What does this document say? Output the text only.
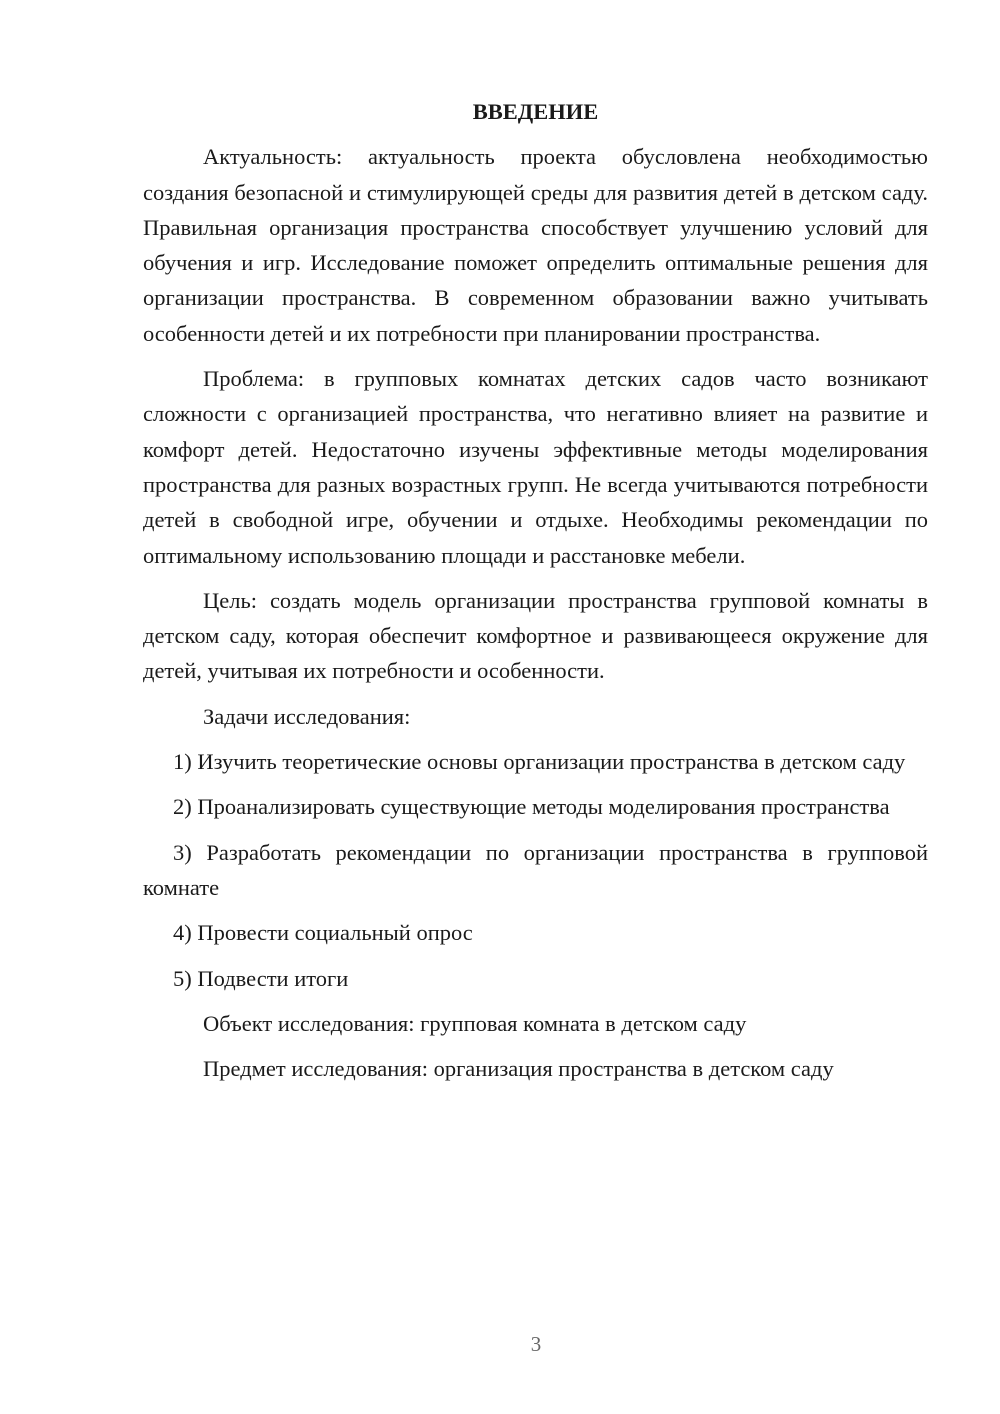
ВВЕДЕНИЕ

Актуальность: актуальность проекта обусловлена необходимостью создания безопасной и стимулирующей среды для развития детей в детском саду. Правильная организация пространства способствует улучшению условий для обучения и игр. Исследование поможет определить оптимальные решения для организации пространства. В современном образовании важно учитывать особенности детей и их потребности при планировании пространства.

Проблема: в групповых комнатах детских садов часто возникают сложности с организацией пространства, что негативно влияет на развитие и комфорт детей. Недостаточно изучены эффективные методы моделирования пространства для разных возрастных групп. Не всегда учитываются потребности детей в свободной игре, обучении и отдыхе. Необходимы рекомендации по оптимальному использованию площади и расстановке мебели.

Цель: создать модель организации пространства групповой комнаты в детском саду, которая обеспечит комфортное и развивающееся окружение для детей, учитывая их потребности и особенности.

Задачи исследования:

1) Изучить теоретические основы организации пространства в детском саду

2) Проанализировать существующие методы моделирования пространства

3) Разработать рекомендации по организации пространства в групповой комнате

4) Провести социальный опрос

5) Подвести итоги

Объект исследования: групповая комната в детском саду

Предмет исследования: организация пространства в детском саду

3
